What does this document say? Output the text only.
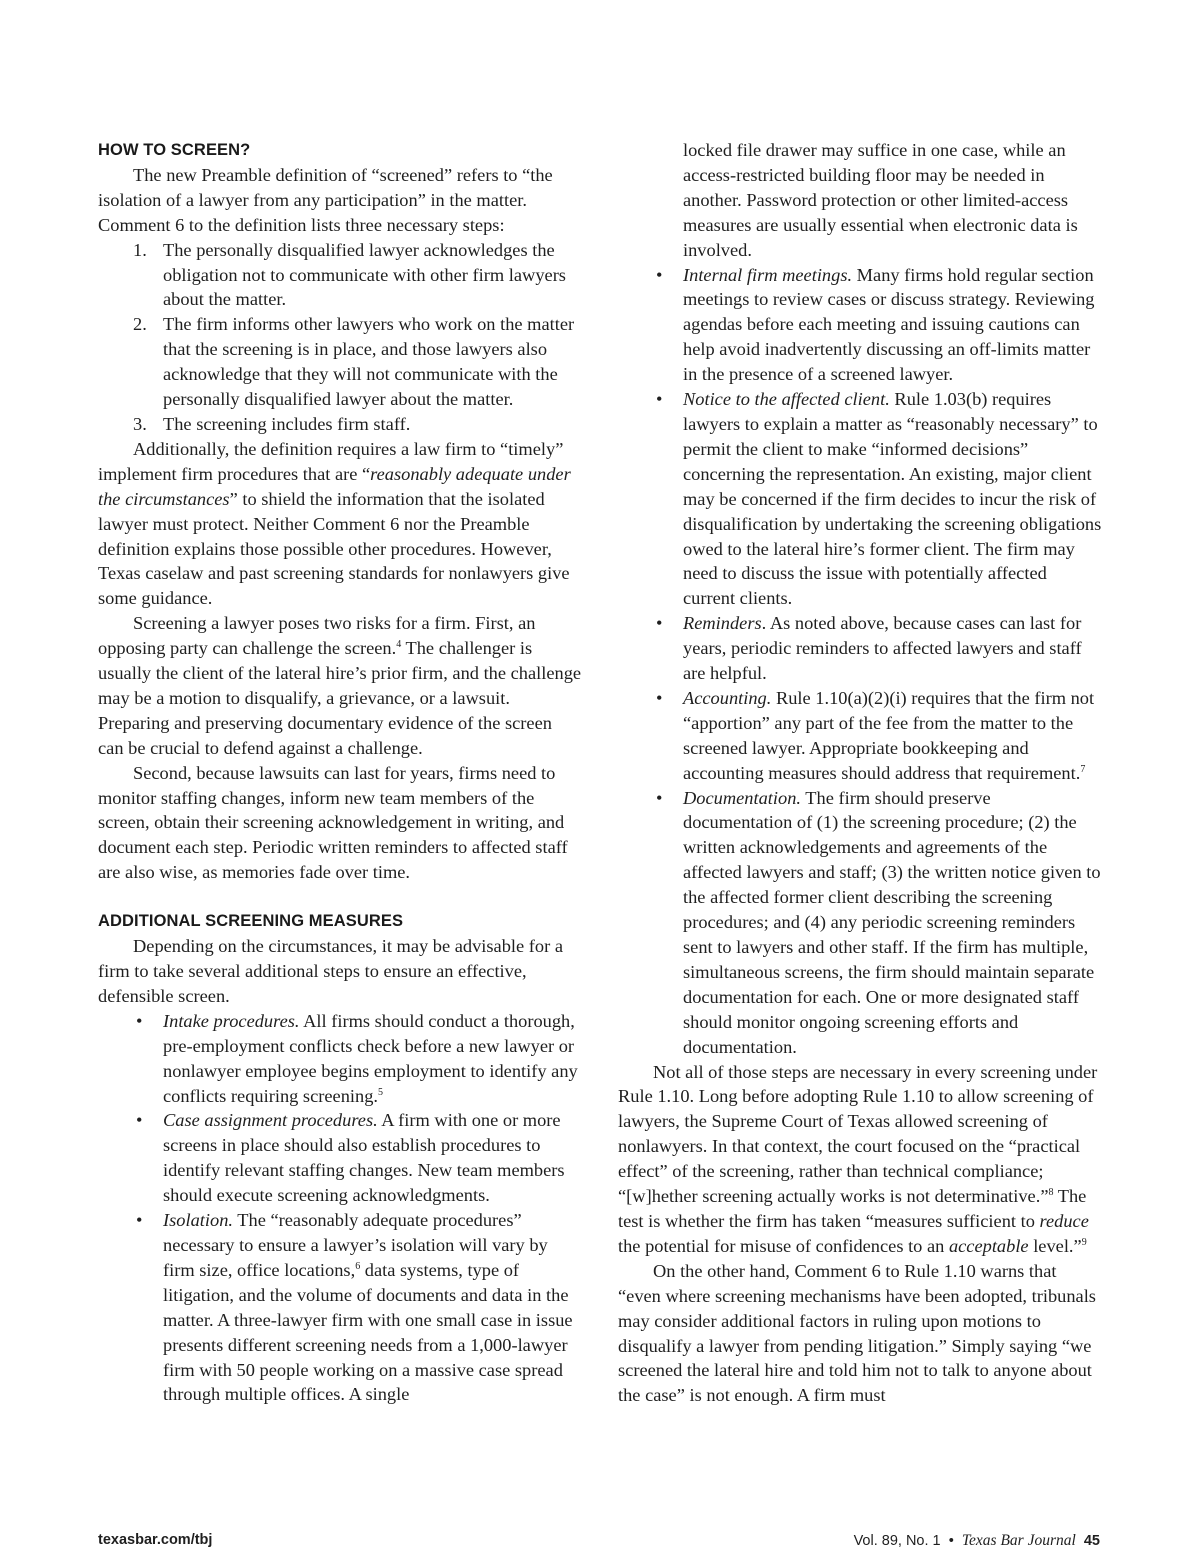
HOW TO SCREEN?

The new Preamble definition of “screened” refers to “the isolation of a lawyer from any participation” in the matter. Comment 6 to the definition lists three necessary steps:

1. The personally disqualified lawyer acknowledges the obligation not to communicate with other firm lawyers about the matter.
2. The firm informs other lawyers who work on the matter that the screening is in place, and those lawyers also acknowledge that they will not communicate with the personally disqualified lawyer about the matter.
3. The screening includes firm staff.

Additionally, the definition requires a law firm to “timely” implement firm procedures that are “reasonably adequate under the circumstances” to shield the information that the isolated lawyer must protect. Neither Comment 6 nor the Preamble definition explains those possible other procedures. However, Texas caselaw and past screening standards for nonlawyers give some guidance.

Screening a lawyer poses two risks for a firm. First, an opposing party can challenge the screen.$^4$ The challenger is usually the client of the lateral hire’s prior firm, and the challenge may be a motion to disqualify, a grievance, or a lawsuit. Preparing and preserving documentary evidence of the screen can be crucial to defend against a challenge.

Second, because lawsuits can last for years, firms need to monitor staffing changes, inform new team members of the screen, obtain their screening acknowledgement in writing, and document each step. Periodic written reminders to affected staff are also wise, as memories fade over time.

ADDITIONAL SCREENING MEASURES

Depending on the circumstances, it may be advisable for a firm to take several additional steps to ensure an effective, defensible screen.

• Intake procedures. All firms should conduct a thorough, pre-employment conflicts check before a new lawyer or nonlawyer employee begins employment to identify any conflicts requiring screening.$^5$
• Case assignment procedures. A firm with one or more screens in place should also establish procedures to identify relevant staffing changes. New team members should execute screening acknowledgments.
• Isolation. The “reasonably adequate procedures” necessary to ensure a lawyer’s isolation will vary by firm size, office locations,$^6$ data systems, type of litigation, and the volume of documents and data in the matter. A three-lawyer firm with one small case in issue presents different screening needs from a 1,000-lawyer firm with 50 people working on a massive case spread through multiple offices. A single
locked file drawer may suffice in one case, while an access-restricted building floor may be needed in another. Password protection or other limited-access measures are usually essential when electronic data is involved.
• Internal firm meetings. Many firms hold regular section meetings to review cases or discuss strategy. Reviewing agendas before each meeting and issuing cautions can help avoid inadvertently discussing an off-limits matter in the presence of a screened lawyer.
• Notice to the affected client. Rule 1.03(b) requires lawyers to explain a matter as “reasonably necessary” to permit the client to make “informed decisions” concerning the representation. An existing, major client may be concerned if the firm decides to incur the risk of disqualification by undertaking the screening obligations owed to the lateral hire’s former client. The firm may need to discuss the issue with potentially affected current clients.
• Reminders. As noted above, because cases can last for years, periodic reminders to affected lawyers and staff are helpful.
• Accounting. Rule 1.10(a)(2)(i) requires that the firm not “apportion” any part of the fee from the matter to the screened lawyer. Appropriate bookkeeping and accounting measures should address that requirement.$^7$
• Documentation. The firm should preserve documentation of (1) the screening procedure; (2) the written acknowledgements and agreements of the affected lawyers and staff; (3) the written notice given to the affected former client describing the screening procedures; and (4) any periodic screening reminders sent to lawyers and other staff. If the firm has multiple, simultaneous screens, the firm should maintain separate documentation for each. One or more designated staff should monitor ongoing screening efforts and documentation.

Not all of those steps are necessary in every screening under Rule 1.10. Long before adopting Rule 1.10 to allow screening of lawyers, the Supreme Court of Texas allowed screening of nonlawyers. In that context, the court focused on the “practical effect” of the screening, rather than technical compliance; “[w]hether screening actually works is not determinative.”$^8$ The test is whether the firm has taken “measures sufficient to reduce the potential for misuse of confidences to an acceptable level.”$^9$

On the other hand, Comment 6 to Rule 1.10 warns that “even where screening mechanisms have been adopted, tribunals may consider additional factors in ruling upon motions to disqualify a lawyer from pending litigation.” Simply saying “we screened the lateral hire and told him not to talk to anyone about the case” is not enough. A firm must

texasbar.com/tbj	Vol. 89, No. 1 • Texas Bar Journal 45
